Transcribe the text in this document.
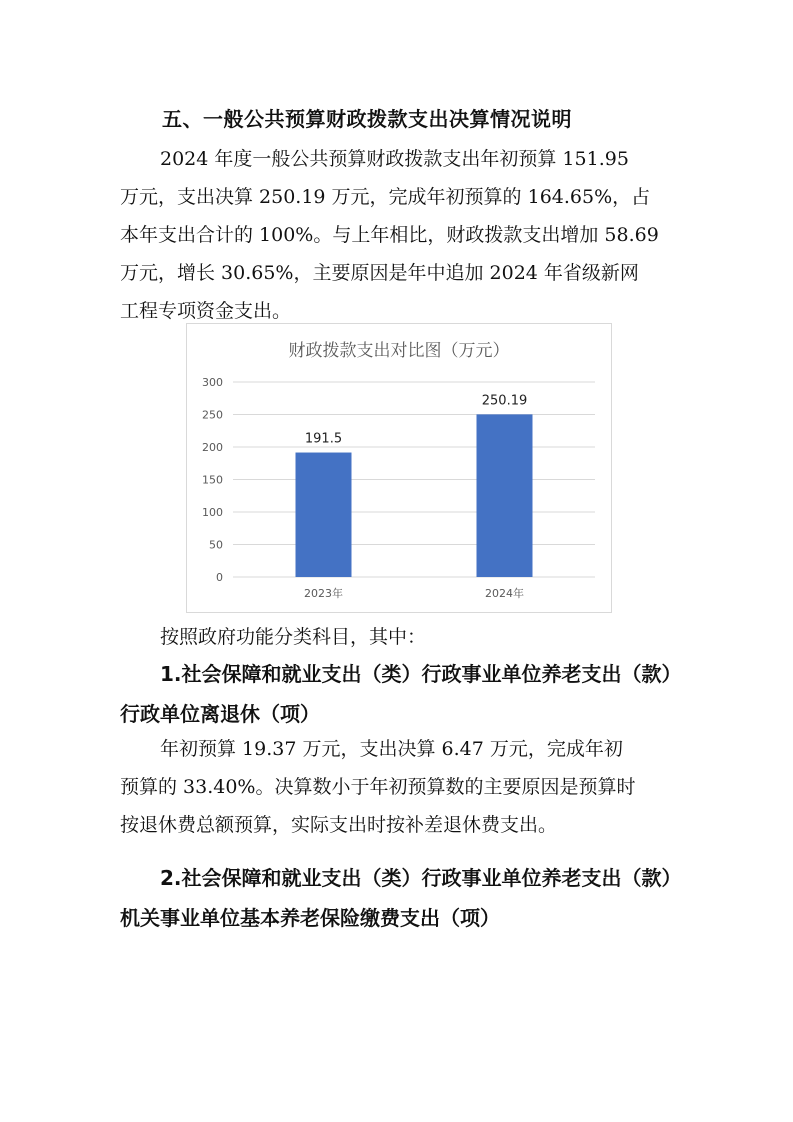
五、一般公共预算财政拨款支出决算情况说明
2024 年度一般公共预算财政拨款支出年初预算 151.95
万元，支出决算 250.19 万元，完成年初预算的 164.65%，占
本年支出合计的 100%。与上年相比，财政拨款支出增加 58.69
万元，增长 30.65%，主要原因是年中追加 2024 年省级新网
工程专项资金支出。
财政拨款支出对比图（万元）
0
50
100
150
200
250
300
191.5
2023年
250.19
2024年
按照政府功能分类科目，其中：
1.社会保障和就业支出（类）行政事业单位养老支出（款）
行政单位离退休（项）
年初预算 19.37 万元，支出决算 6.47 万元，完成年初
预算的 33.40%。决算数小于年初预算数的主要原因是预算时
按退休费总额预算，实际支出时按补差退休费支出。
2.社会保障和就业支出（类）行政事业单位养老支出（款）
机关事业单位基本养老保险缴费支出（项）
